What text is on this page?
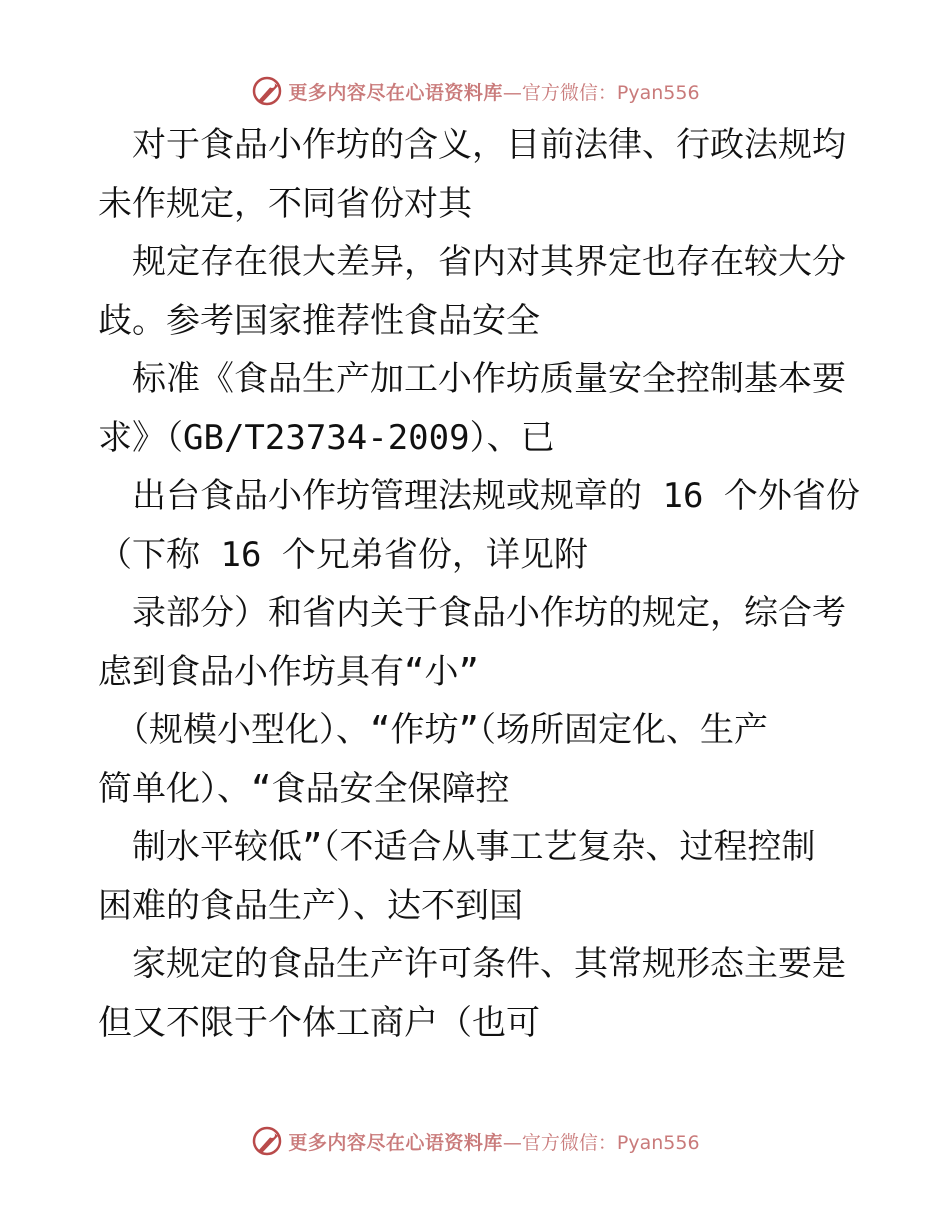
更多内容尽在心语资料库 —官方微信：Pyan556

　对于食品小作坊的含义，目前法律、行政法规均

未作规定，不同省份对其

　规定存在很大差异，省内对其界定也存在较大分

歧。参考国家推荐性食品安全

　标准《食品生产加工小作坊质量安全控制基本要

求》（GB/T23734-2009）、已

　出台食品小作坊管理法规或规章的 16 个外省份

（下称 16 个兄弟省份，详见附

　录部分）和省内关于食品小作坊的规定，综合考

虑到食品小作坊具有“小”

　（规模小型化）、“作坊”（场所固定化、生产

简单化）、“食品安全保障控

　制水平较低”（不适合从事工艺复杂、过程控制

困难的食品生产）、达不到国

　家规定的食品生产许可条件、其常规形态主要是

但又不限于个体工商户（也可

更多内容尽在心语资料库 —官方微信：Pyan556
